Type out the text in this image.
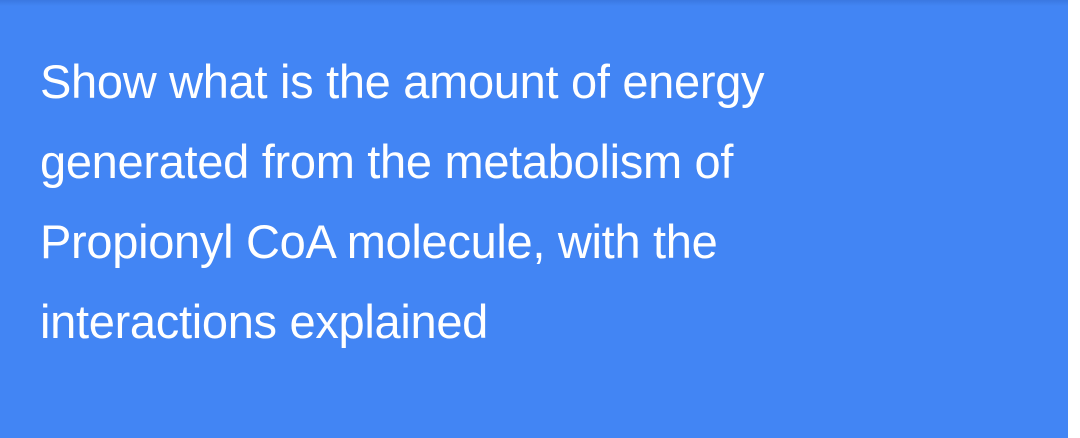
Show what is the amount of energy
generated from the metabolism of
Propionyl CoA molecule, with the
interactions explained
